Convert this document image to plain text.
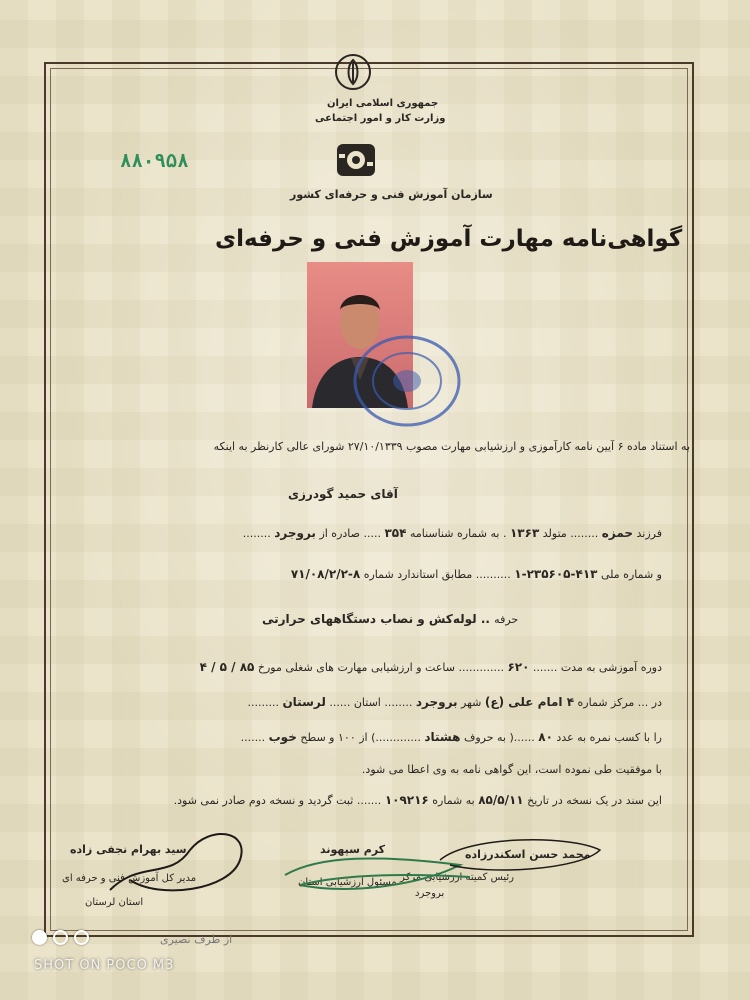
جمهوری اسلامی ایران
وزارت کار و امور اجتماعی
۸۸۰۹۵۸
سازمان آموزش فنی و حرفه‌ای کشور
گواهی‌نامه مهارت آموزش فنی و حرفه‌ای
به استناد ماده ۶ آیین نامه کارآموزی و ارزشیابی مهارت مصوب ۲۷/۱۰/۱۳۳۹ شورای عالی کارنظر به اینکه
آقای حمید گودرزی
فرزند حمزه ........ متولد ۱۳۶۳ . به شماره شناسنامه ۳۵۴ ..... صادره از بروجرد ........
و شماره ملی ۴۱۳-۲۳۵۶۰۵-۱ .......... مطابق استاندارد شماره ۸-۷۱/۰۸/۲/۲
حرفه .. لوله‌کش و نصاب دستگاههای حرارتی
دوره آموزشی به مدت ....... ۶۲۰ ............. ساعت و ارزشیابی مهارت های شغلی مورخ ۸۵ / ۵ / ۴
در ... مرکز شماره ۴ امام علی (ع) شهر بروجرد ........ استان ...... لرستان .........
را با کسب نمره به عدد ۸۰ ......( به حروف هشتاد .............) از ۱۰۰ و سطح خوب .......
با موفقیت طی نموده است، این گواهی نامه به وی اعطا می شود.
این سند در یک نسخه در تاریخ ۸۵/۵/۱۱ به شماره ۱۰۹۲۱۶ ....... ثبت گردید و نسخه دوم صادر نمی شود.
سید بهرام نجفی زاده
مدیر کل آموزش فنی و حرفه ای
استان لرستان
از طرف نصیری
کرم سپهوند
مسئول ارزشیابی استان
محمد حسن اسکندرزاده
رئیس کمیته ارزشیابی مرکز
بروجرد
SHOT ON POCO M3
